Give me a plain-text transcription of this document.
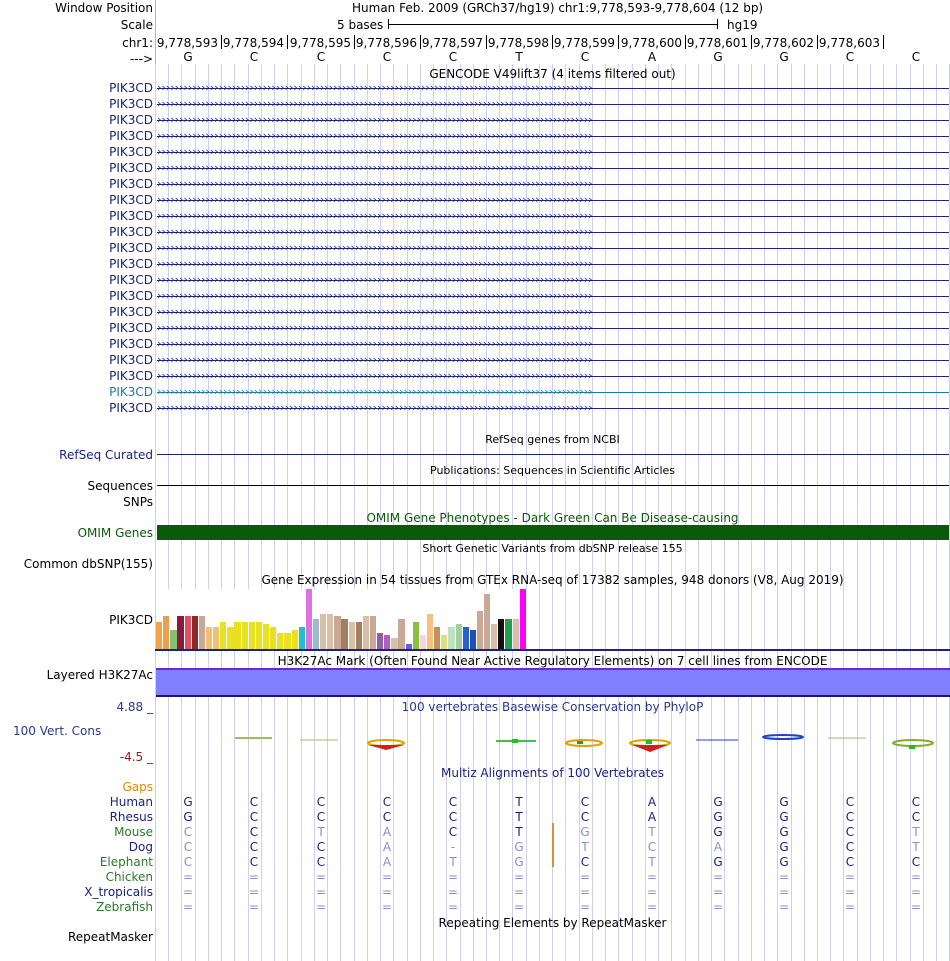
Window Position
Scale
chr1:
--->
Human Feb. 2009 (GRCh37/hg19) chr1:9,778,593-9,778,604 (12 bp)
5 bases	hg19
9,778,593 9,778,594 9,778,595 9,778,596 9,778,597 9,778,598 9,778,599 9,778,600 9,778,601 9,778,602 9,778,603
G	C	C	C	C	T	C	A	G	G	C	C
GENCODE V49lift37 (4 items filtered out)
PIK3CD ›››››››››››››››››››››››››››››››››››››››››››››››››››››››››››››››››››››››››››››››››››››››››››››››››››
PIK3CD ›››››››››››››››››››››››››››››››››››››››››››››››››››››››››››››››››››››››››››››››››››››››››››››››››››
PIK3CD ›››››››››››››››››››››››››››››››››››››››››››››››››››››››››››››››››››››››››››››››››››››››››››››››››››
PIK3CD ›››››››››››››››››››››››››››››››››››››››››››››››››››››››››››››››››››››››››››››››››››››››››››››››››››
PIK3CD ›››››››››››››››››››››››››››››››››››››››››››››››››››››››››››››››››››››››››››››››››››››››››››››››››››
PIK3CD ›››››››››››››››››››››››››››››››››››››››››››››››››››››››››››››››››››››››››››››››››››››››››››››››››››
PIK3CD ›››››››››››››››››››››››››››››››››››››››››››››››››››››››››››››››››››››››››››››››››››››››››››››››››››
PIK3CD ›››››››››››››››››››››››››››››››››››››››››››››››››››››››››››››››››››››››››››››››››››››››››››››››››››
PIK3CD ›››››››››››››››››››››››››››››››››››››››››››››››››››››››››››››››››››››››››››››››››››››››››››››››››››
PIK3CD ›››››››››››››››››››››››››››››››››››››››››››››››››››››››››››››››››››››››››››››››››››››››››››››››››››
PIK3CD ›››››››››››››››››››››››››››››››››››››››››››››››››››››››››››››››››››››››››››››››››››››››››››››››››››
PIK3CD ›››››››››››››››››››››››››››››››››››››››››››››››››››››››››››››››››››››››››››››››››››››››››››››››››››
PIK3CD ›››››››››››››››››››››››››››››››››››››››››››››››››››››››››››››››››››››››››››››››››››››››››››››››››››
PIK3CD ›››››››››››››››››››››››››››››››››››››››››››››››››››››››››››››››››››››››››››››››››››››››››››››››››››
PIK3CD ›››››››››››››››››››››››››››››››››››››››››››››››››››››››››››››››››››››››››››››››››››››››››››››››››››
PIK3CD ›››››››››››››››››››››››››››››››››››››››››››››››››››››››››››››››››››››››››››››››››››››››››››››››››››
PIK3CD ›››››››››››››››››››››››››››››››››››››››››››››››››››››››››››››››››››››››››››››››››››››››››››››››››››
PIK3CD ›››››››››››››››››››››››››››››››››››››››››››››››››››››››››››››››››››››››››››››››››››››››››››››››››››
PIK3CD ›››››››››››››››››››››››››››››››››››››››››››››››››››››››››››››››››››››››››››››››››››››››››››››››››››
PIK3CD ›››››››››››››››››››››››››››››››››››››››››››››››››››››››››››››››››››››››››››››››››››››››››››››››››››
PIK3CD ›››››››››››››››››››››››››››››››››››››››››››››››››››››››››››››››››››››››››››››››››››››››››››››››››››
RefSeq genes from NCBI
RefSeq Curated
Publications: Sequences in Scientific Articles
Sequences
SNPs
OMIM Gene Phenotypes - Dark Green Can Be Disease-causing
OMIM Genes
Short Genetic Variants from dbSNP release 155
Common dbSNP(155)
Gene Expression in 54 tissues from GTEx RNA-seq of 17382 samples, 948 donors (V8, Aug 2019)
PIK3CD
H3K27Ac Mark (Often Found Near Active Regulatory Elements) on 7 cell lines from ENCODE
Layered H3K27Ac
4.88 _	100 vertebrates Basewise Conservation by PhyloP
100 Vert. Cons
-4.5 _
Multiz Alignments of 100 Vertebrates
Gaps
Human	G	C	C	C	C	T	C	A	G	G	C	C
Rhesus	G	C	C	C	C	T	C	A	G	G	C	C
Mouse	C	C	T	A	C	T	G	T	G	G	C	T
Dog	C	C	C	A	-	G	T	C	A	G	C	T
Elephant	C	C	C	A	T	G	C	T	G	G	C	C
Chicken	=	=	=	=	=	=	=	=	=	=	=	=
X_tropicalis	=	=	=	=	=	=	=	=	=	=	=	=
Zebrafish	=	=	=	=	=	=	=	=	=	=	=	=
Repeating Elements by RepeatMasker
RepeatMasker
